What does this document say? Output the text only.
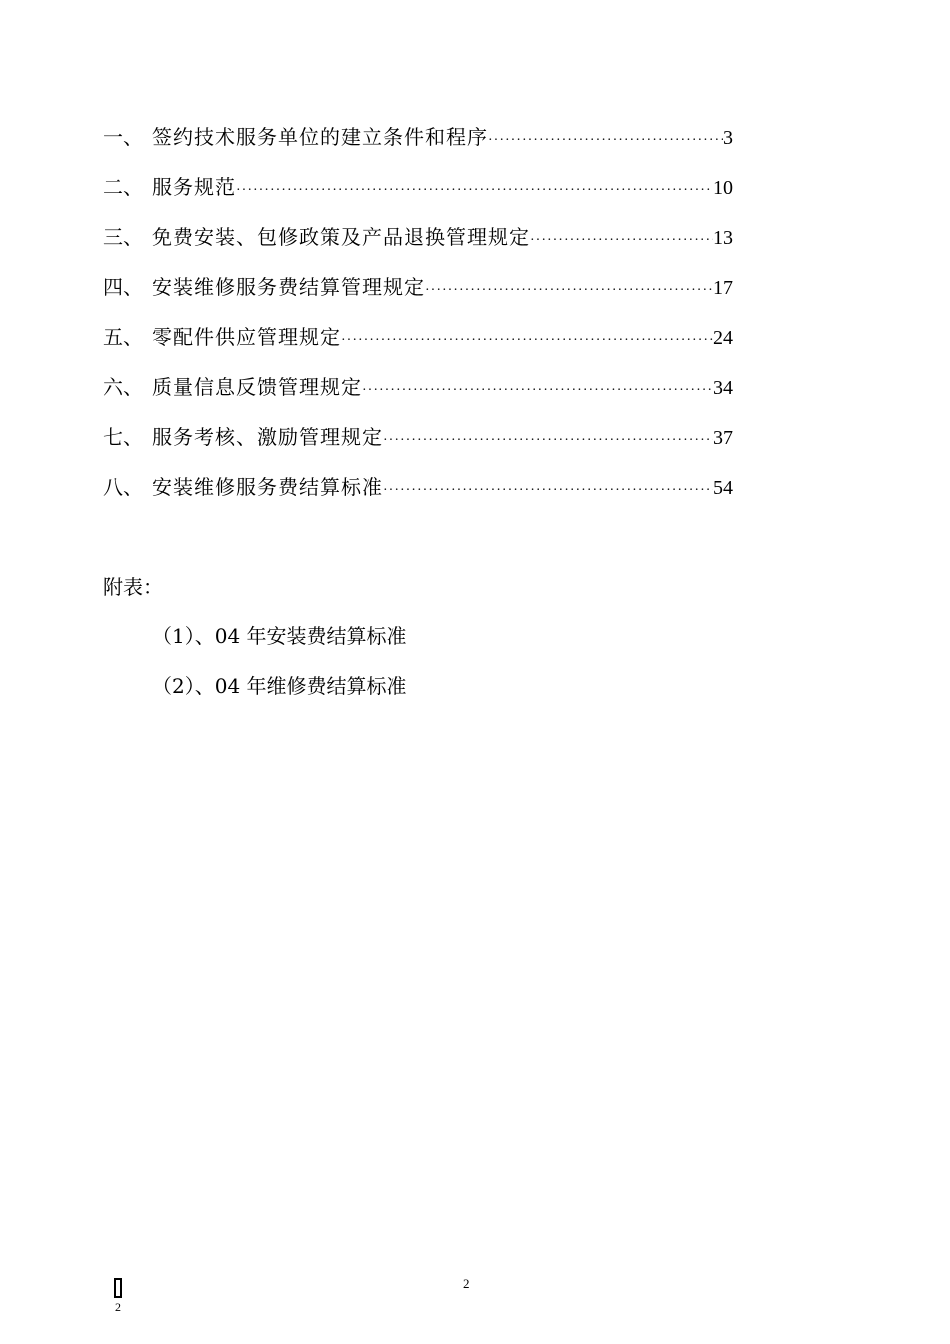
一、 签约技术服务单位的建立条件和程序 ·····	3
二、 服务规范 ·····	10
三、 免费安装、包修政策及产品退换管理规定 ·····	13
四、 安装维修服务费结算管理规定 ·····	17
五、 零配件供应管理规定 ·····	24
六、 质量信息反馈管理规定 ·····	34
七、 服务考核、激励管理规定 ·····	37
八、 安装维修服务费结算标准 ·····	54
附表：
（1）、04 年安装费结算标准
（2）、04 年维修费结算标准
2
2
